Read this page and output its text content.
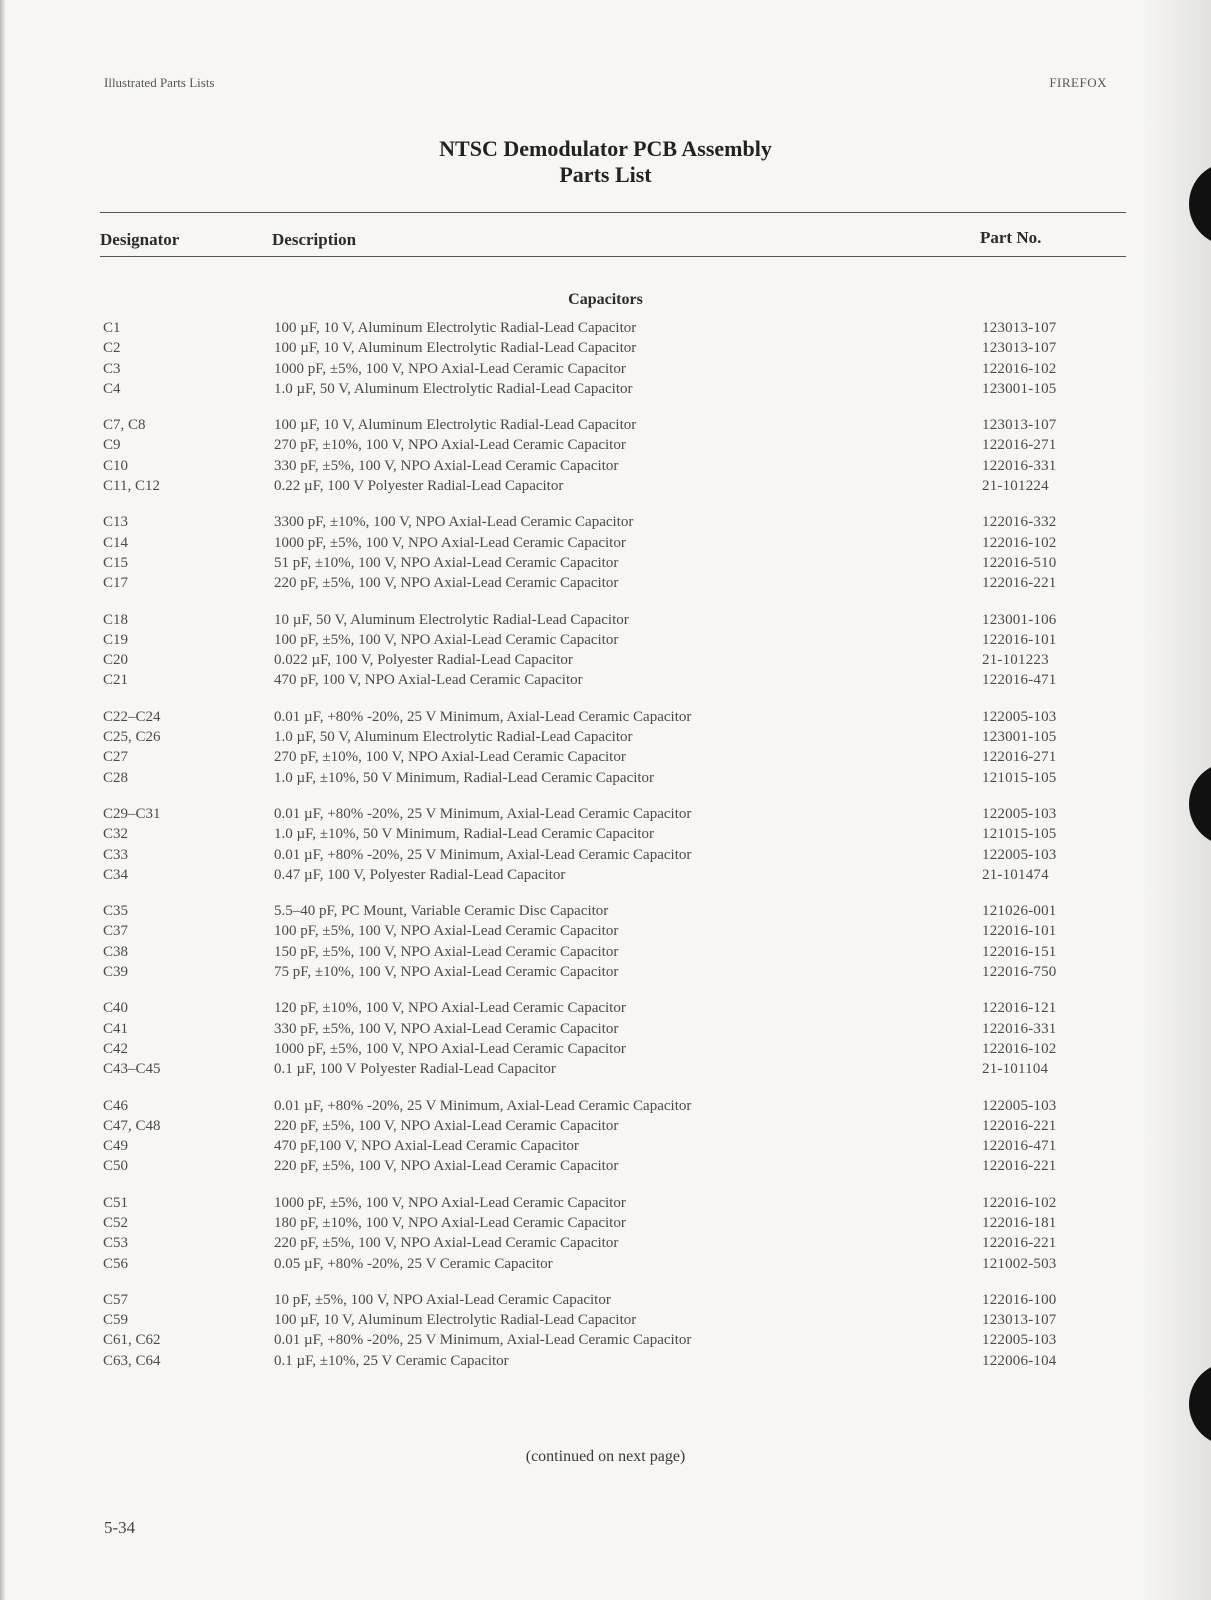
Illustrated Parts Lists	FIREFOX
NTSC Demodulator PCB Assembly
Parts List
Designator	Description	Part No.
Capacitors
C1	100 µF, 10 V, Aluminum Electrolytic Radial-Lead Capacitor	123013-107
C2	100 µF, 10 V, Aluminum Electrolytic Radial-Lead Capacitor	123013-107
C3	1000 pF, ±5%, 100 V, NPO Axial-Lead Ceramic Capacitor	122016-102
C4	1.0 µF, 50 V, Aluminum Electrolytic Radial-Lead Capacitor	123001-105
C7, C8	100 µF, 10 V, Aluminum Electrolytic Radial-Lead Capacitor	123013-107
C9	270 pF, ±10%, 100 V, NPO Axial-Lead Ceramic Capacitor	122016-271
C10	330 pF, ±5%, 100 V, NPO Axial-Lead Ceramic Capacitor	122016-331
C11, C12	0.22 µF, 100 V Polyester Radial-Lead Capacitor	21-101224
C13	3300 pF, ±10%, 100 V, NPO Axial-Lead Ceramic Capacitor	122016-332
C14	1000 pF, ±5%, 100 V, NPO Axial-Lead Ceramic Capacitor	122016-102
C15	51 pF, ±10%, 100 V, NPO Axial-Lead Ceramic Capacitor	122016-510
C17	220 pF, ±5%, 100 V, NPO Axial-Lead Ceramic Capacitor	122016-221
C18	10 µF, 50 V, Aluminum Electrolytic Radial-Lead Capacitor	123001-106
C19	100 pF, ±5%, 100 V, NPO Axial-Lead Ceramic Capacitor	122016-101
C20	0.022 µF, 100 V, Polyester Radial-Lead Capacitor	21-101223
C21	470 pF, 100 V, NPO Axial-Lead Ceramic Capacitor	122016-471
C22–C24	0.01 µF, +80% -20%, 25 V Minimum, Axial-Lead Ceramic Capacitor	122005-103
C25, C26	1.0 µF, 50 V, Aluminum Electrolytic Radial-Lead Capacitor	123001-105
C27	270 pF, ±10%, 100 V, NPO Axial-Lead Ceramic Capacitor	122016-271
C28	1.0 µF, ±10%, 50 V Minimum, Radial-Lead Ceramic Capacitor	121015-105
C29–C31	0.01 µF, +80% -20%, 25 V Minimum, Axial-Lead Ceramic Capacitor	122005-103
C32	1.0 µF, ±10%, 50 V Minimum, Radial-Lead Ceramic Capacitor	121015-105
C33	0.01 µF, +80% -20%, 25 V Minimum, Axial-Lead Ceramic Capacitor	122005-103
C34	0.47 µF, 100 V, Polyester Radial-Lead Capacitor	21-101474
C35	5.5–40 pF, PC Mount, Variable Ceramic Disc Capacitor	121026-001
C37	100 pF, ±5%, 100 V, NPO Axial-Lead Ceramic Capacitor	122016-101
C38	150 pF, ±5%, 100 V, NPO Axial-Lead Ceramic Capacitor	122016-151
C39	75 pF, ±10%, 100 V, NPO Axial-Lead Ceramic Capacitor	122016-750
C40	120 pF, ±10%, 100 V, NPO Axial-Lead Ceramic Capacitor	122016-121
C41	330 pF, ±5%, 100 V, NPO Axial-Lead Ceramic Capacitor	122016-331
C42	1000 pF, ±5%, 100 V, NPO Axial-Lead Ceramic Capacitor	122016-102
C43–C45	0.1 µF, 100 V Polyester Radial-Lead Capacitor	21-101104
C46	0.01 µF, +80% -20%, 25 V Minimum, Axial-Lead Ceramic Capacitor	122005-103
C47, C48	220 pF, ±5%, 100 V, NPO Axial-Lead Ceramic Capacitor	122016-221
C49	470 pF,100 V, NPO Axial-Lead Ceramic Capacitor	122016-471
C50	220 pF, ±5%, 100 V, NPO Axial-Lead Ceramic Capacitor	122016-221
C51	1000 pF, ±5%, 100 V, NPO Axial-Lead Ceramic Capacitor	122016-102
C52	180 pF, ±10%, 100 V, NPO Axial-Lead Ceramic Capacitor	122016-181
C53	220 pF, ±5%, 100 V, NPO Axial-Lead Ceramic Capacitor	122016-221
C56	0.05 µF, +80% -20%, 25 V Ceramic Capacitor	121002-503
C57	10 pF, ±5%, 100 V, NPO Axial-Lead Ceramic Capacitor	122016-100
C59	100 µF, 10 V, Aluminum Electrolytic Radial-Lead Capacitor	123013-107
C61, C62	0.01 µF, +80% -20%, 25 V Minimum, Axial-Lead Ceramic Capacitor	122005-103
C63, C64	0.1 µF, ±10%, 25 V Ceramic Capacitor	122006-104
(continued on next page)
5-34
